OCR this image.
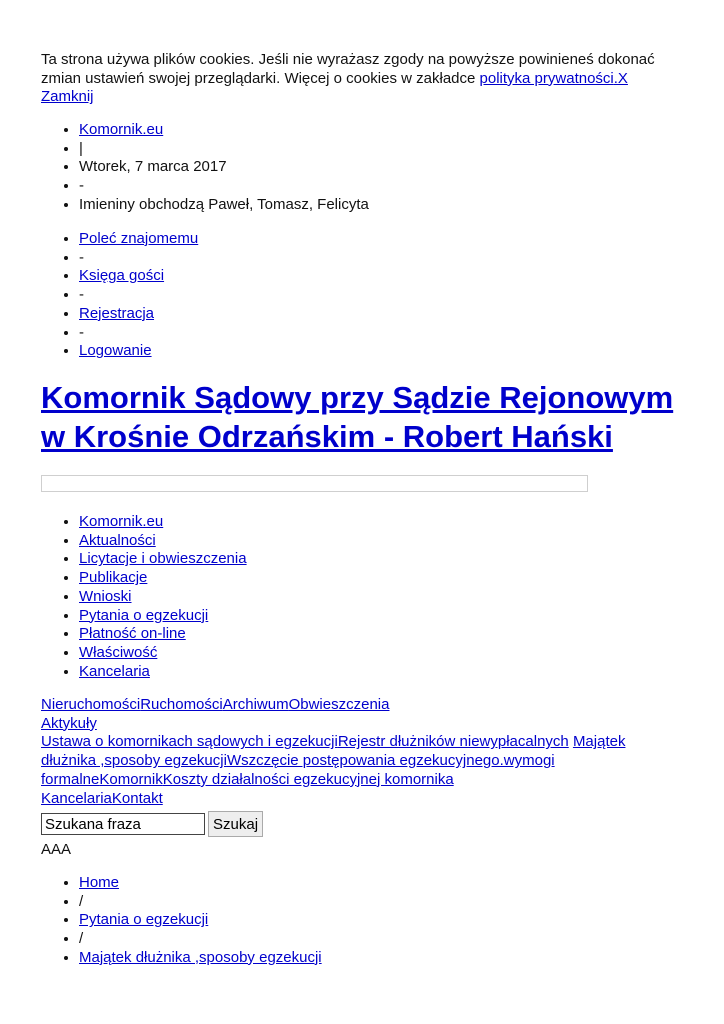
Ta strona używa plików cookies. Jeśli nie wyrażasz zgody na powyższe powinieneś dokonać zmian ustawień swojej przeglądarki. Więcej o cookies w zakładce polityka prywatności.X Zamknij
• Komornik.eu
• |
• Wtorek, 7 marca 2017
• -
• Imieniny obchodzą Paweł, Tomasz, Felicyta
• Poleć znajomemu
• -
• Księga gości
• -
• Rejestracja
• -
• Logowanie
Komornik Sądowy przy Sądzie Rejonowym w Krośnie Odrzańskim - Robert Hański
• Komornik.eu
• Aktualności
• Licytacje i obwieszczenia
• Publikacje
• Wnioski
• Pytania o egzekucji
• Płatność on-line
• Właściwość
• Kancelaria
NieruchomościRuchomościArchiwumObwieszczenia
Aktykuły
Ustawa o komornikach sądowych i egzekucjiRejestr dłużników niewypłacalnych Majątek dłużnika ,sposoby egzekucjiWszczęcie postępowania egzekucyjnego.wymogi formalneKomornikKoszty działalności egzekucyjnej komornika
KancelariaKontakt
Szukana fraza
Szukaj
AAA
• Home
• /
• Pytania o egzekucji
• /
• Majątek dłużnika ,sposoby egzekucji
